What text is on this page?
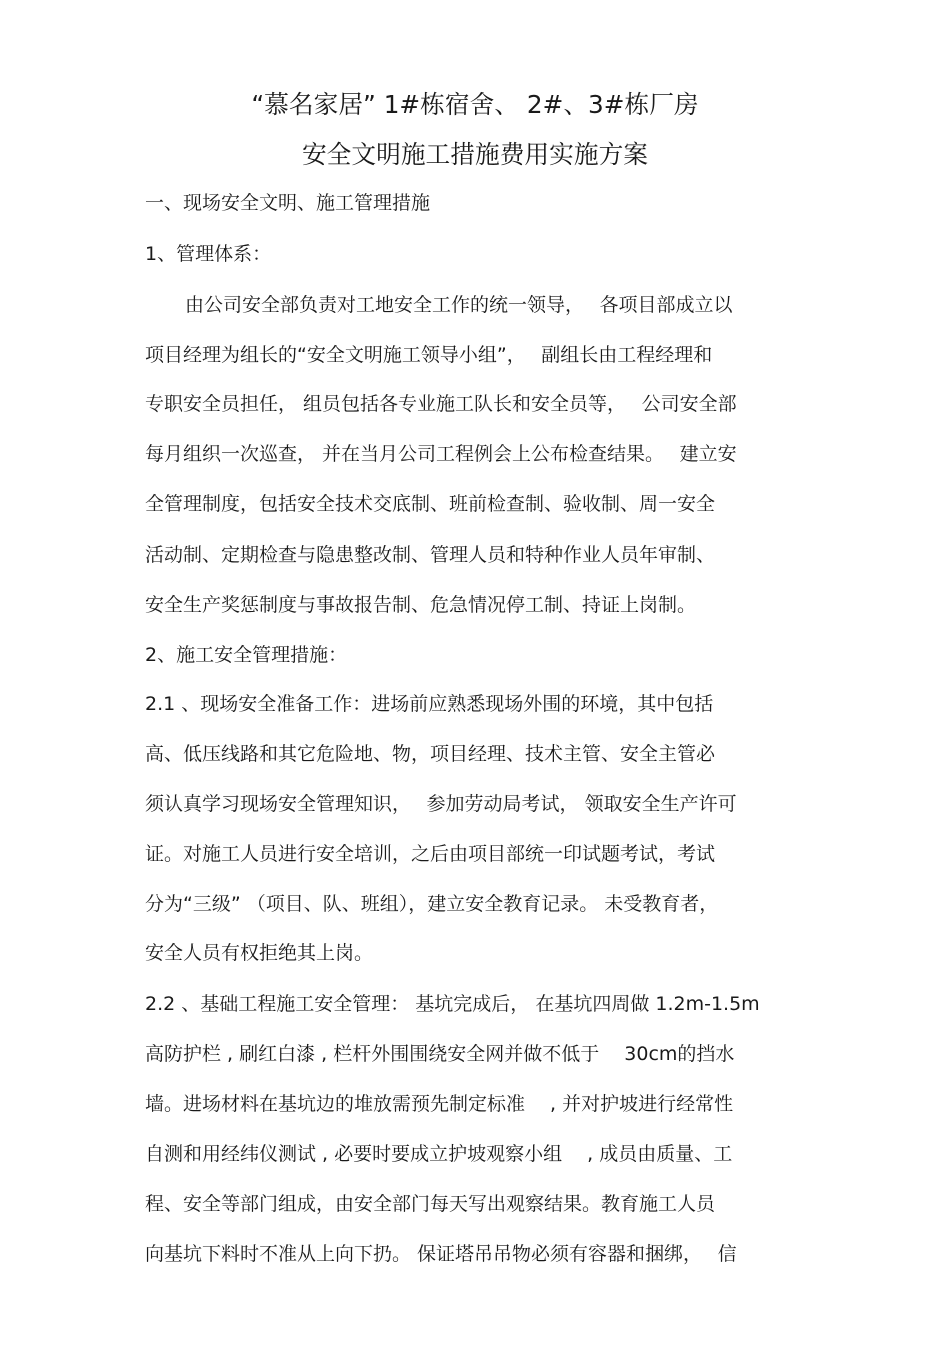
“慕名家居” 1#栋宿舍、 2#、3#栋厂房
安全文明施工措施费用实施方案
一、现场安全文明、施工管理措施
1、管理体系：
由公司安全部负责对工地安全工作的统一领导，　 各项目部成立以
项目经理为组长的“安全文明施工领导小组”，　 副组长由工程经理和
专职安全员担任， 组员包括各专业施工队长和安全员等，　 公司安全部
每月组织一次巡查， 并在当月公司工程例会上公布检查结果。　 建立安
全管理制度，包括安全技术交底制、班前检查制、验收制、周一安全
活动制、定期检查与隐患整改制、管理人员和特种作业人员年审制、
安全生产奖惩制度与事故报告制、危急情况停工制、持证上岗制。
2、施工安全管理措施：
2.1 、现场安全准备工作：进场前应熟悉现场外围的环境，其中包括
高、低压线路和其它危险地、物，项目经理、技术主管、安全主管必
须认真学习现场安全管理知识，　 参加劳动局考试， 领取安全生产许可
证。对施工人员进行安全培训，之后由项目部统一印试题考试，考试
分为“三级” （项目、队、班组），建立安全教育记录。 未受教育者，
安全人员有权拒绝其上岗。
2.2 、基础工程施工安全管理： 基坑完成后， 在基坑四周做 1.2m-1.5m
高防护栏 , 刷红白漆 , 栏杆外围围绕安全网并做不低于　 30cm的挡水
墙。进场材料在基坑边的堆放需预先制定标准　 , 并对护坡进行经常性
自测和用经纬仪测试 , 必要时要成立护坡观察小组　 , 成员由质量、工
程、安全等部门组成，由安全部门每天写出观察结果。教育施工人员
向基坑下料时不准从上向下扔。 保证塔吊吊物必须有容器和捆绑，　 信
